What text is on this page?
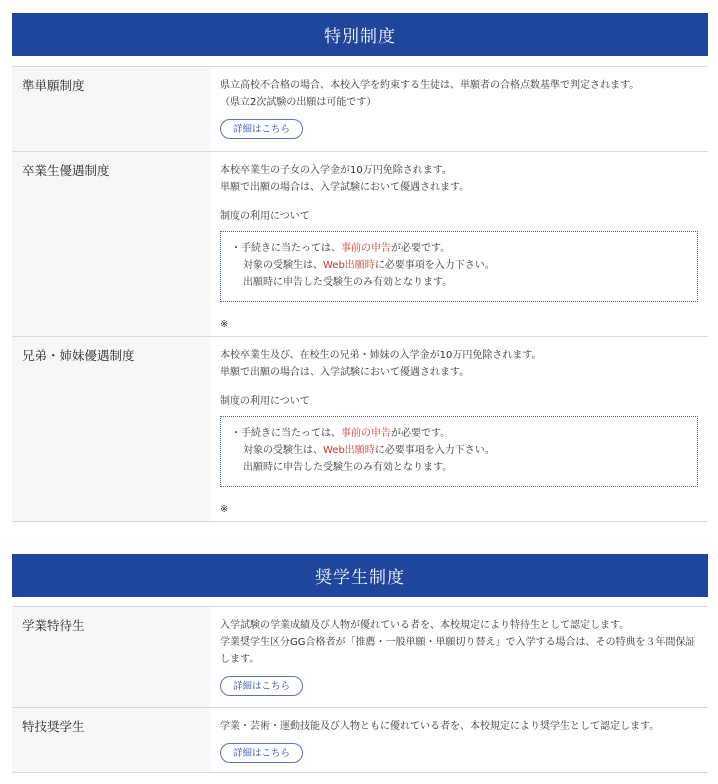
特別制度
準単願制度	県立高校不合格の場合、本校入学を約束する生徒は、単願者の合格点数基準で判定されます。
（県立2次試験の出願は可能です）
詳細はこちら
卒業生優遇制度	本校卒業生の子女の入学金が10万円免除されます。
単願で出願の場合は、入学試験において優遇されます。
制度の利用について
・手続きに当たっては、事前の申告が必要です。
対象の受験生は、Web出願時に必要事項を入力下さい。
出願時に申告した受験生のみ有効となります。
※
兄弟・姉妹優遇制度	本校卒業生及び、在校生の兄弟・姉妹の入学金が10万円免除されます。
単願で出願の場合は、入学試験において優遇されます。
制度の利用について
・手続きに当たっては、事前の申告が必要です。
対象の受験生は、Web出願時に必要事項を入力下さい。
出願時に申告した受験生のみ有効となります。
※
奨学生制度
学業特待生	入学試験の学業成績及び人物が優れている者を、本校規定により特待生として認定します。
学業奨学生区分GG合格者が「推薦・一般単願・単願切り替え」で入学する場合は、その特典を３年間保証します。
詳細はこちら
特技奨学生	学業・芸術・運動技能及び人物ともに優れている者を、本校規定により奨学生として認定します。
詳細はこちら
